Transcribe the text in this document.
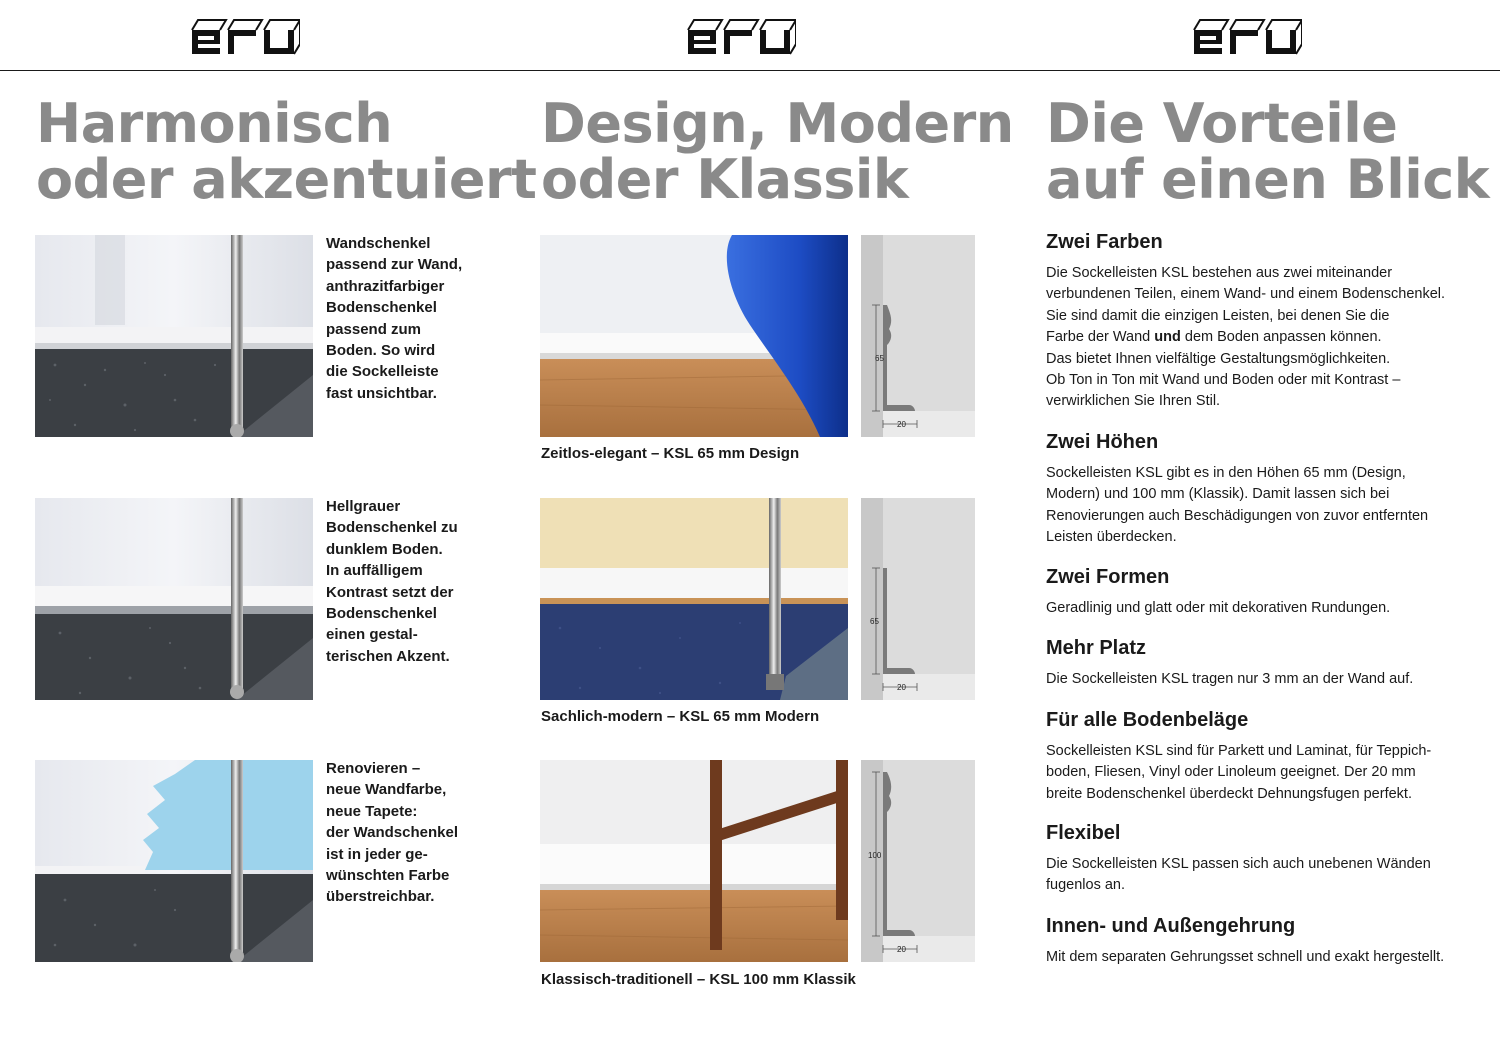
Harmonisch
oder akzentuiert
Wandschenkel
passend zur Wand,
anthrazitfarbiger
Bodenschenkel
passend zum
Boden. So wird
die Sockelleiste
fast unsichtbar.
Hellgrauer
Bodenschenkel zu
dunklem Boden.
In auffälligem
Kontrast setzt der
Bodenschenkel
einen gestal-
terischen Akzent.
Renovieren –
neue Wandfarbe,
neue Tapete:
der Wandschenkel
ist in jeder ge-
wünschten Farbe
überstreichbar.
Design, Modern
oder Klassik
65
20
Zeitlos-elegant – KSL 65 mm Design
65
20
Sachlich-modern – KSL 65 mm Modern
100
20
Klassisch-traditionell – KSL 100 mm Klassik
Die Vorteile
auf einen Blick
Zwei Farben
Die Sockelleisten KSL bestehen aus zwei miteinander
verbundenen Teilen, einem Wand- und einem Bodenschenkel.
Sie sind damit die einzigen Leisten, bei denen Sie die
Farbe der Wand und dem Boden anpassen können.
Das bietet Ihnen vielfältige Gestaltungsmöglichkeiten.
Ob Ton in Ton mit Wand und Boden oder mit Kontrast –
verwirklichen Sie Ihren Stil.
Zwei Höhen
Sockelleisten KSL gibt es in den Höhen 65 mm (Design,
Modern) und 100 mm (Klassik). Damit lassen sich bei
Renovierungen auch Beschädigungen von zuvor entfernten
Leisten überdecken.
Zwei Formen
Geradlinig und glatt oder mit dekorativen Rundungen.
Mehr Platz
Die Sockelleisten KSL tragen nur 3 mm an der Wand auf.
Für alle Bodenbeläge
Sockelleisten KSL sind für Parkett und Laminat, für Teppich-
boden, Fliesen, Vinyl oder Linoleum geeignet. Der 20 mm
breite Bodenschenkel überdeckt Dehnungsfugen perfekt.
Flexibel
Die Sockelleisten KSL passen sich auch unebenen Wänden
fugenlos an.
Innen- und Außengehrung
Mit dem separaten Gehrungsset schnell und exakt hergestellt.
